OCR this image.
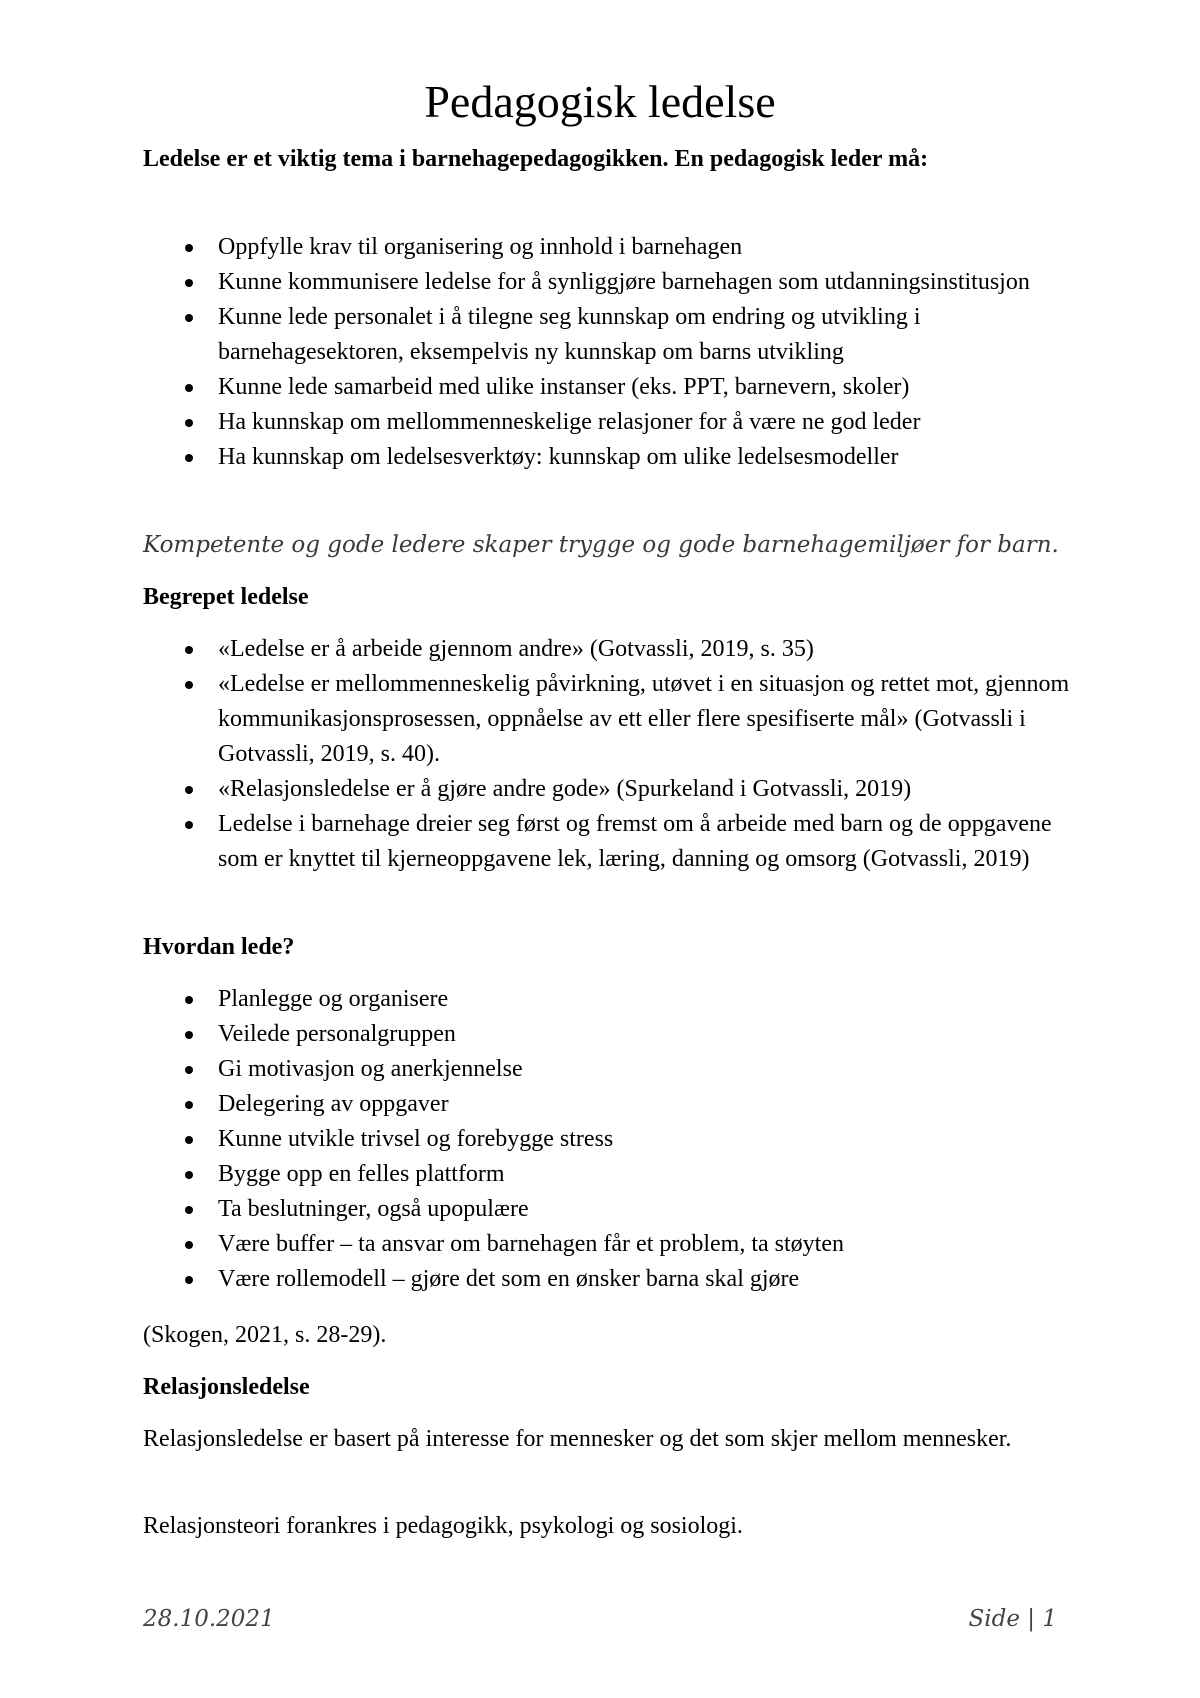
Pedagogisk ledelse
Ledelse er et viktig tema i barnehagepedagogikken. En pedagogisk leder må:
Oppfylle krav til organisering og innhold i barnehagen
Kunne kommunisere ledelse for å synliggjøre barnehagen som utdanningsinstitusjon
Kunne lede personalet i å tilegne seg kunnskap om endring og utvikling i barnehagesektoren, eksempelvis ny kunnskap om barns utvikling
Kunne lede samarbeid med ulike instanser (eks. PPT, barnevern, skoler)
Ha kunnskap om mellommenneskelige relasjoner for å være ne god leder
Ha kunnskap om ledelsesverktøy: kunnskap om ulike ledelsesmodeller
Kompetente og gode ledere skaper trygge og gode barnehagemiljøer for barn.
Begrepet ledelse
«Ledelse er å arbeide gjennom andre» (Gotvassli, 2019, s. 35)
«Ledelse er mellommenneskelig påvirkning, utøvet i en situasjon og rettet mot, gjennom kommunikasjonsprosessen, oppnåelse av ett eller flere spesifiserte mål» (Gotvassli i Gotvassli, 2019, s. 40).
«Relasjonsledelse er å gjøre andre gode» (Spurkeland i Gotvassli, 2019)
Ledelse i barnehage dreier seg først og fremst om å arbeide med barn og de oppgavene som er knyttet til kjerneoppgavene lek, læring, danning og omsorg (Gotvassli, 2019)
Hvordan lede?
Planlegge og organisere
Veilede personalgruppen
Gi motivasjon og anerkjennelse
Delegering av oppgaver
Kunne utvikle trivsel og forebygge stress
Bygge opp en felles plattform
Ta beslutninger, også upopulære
Være buffer – ta ansvar om barnehagen får et problem, ta støyten
Være rollemodell – gjøre det som en ønsker barna skal gjøre
(Skogen, 2021, s. 28-29).
Relasjonsledelse
Relasjonsledelse er basert på interesse for mennesker og det som skjer mellom mennesker.
Relasjonsteori forankres i pedagogikk, psykologi og sosiologi.
28.10.2021	Side | 1
